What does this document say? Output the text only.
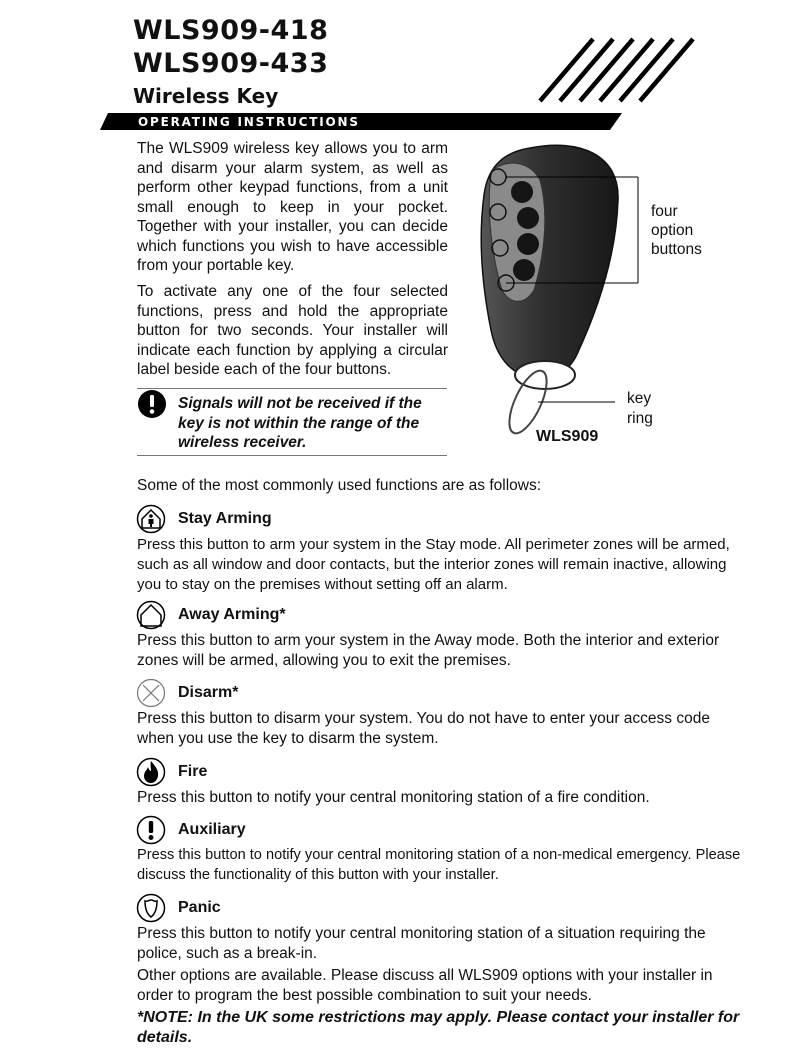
WLS909-418
WLS909-433
Wireless Key
OPERATING INSTRUCTIONS
The WLS909 wireless key allows you to arm and disarm your alarm system, as well as perform other keypad functions, from a unit small enough to keep in your pocket. Together with your installer, you can decide which functions you wish to have accessible from your portable key.
To activate any one of the four selected functions, press and hold the appropriate button for two seconds. Your installer will indicate each function by applying a circular label beside each of the four buttons.
Signals will not be received if the key is not within the range of the wireless receiver.
four
option
buttons
key
ring
WLS909
Some of the most commonly used functions are as follows:
Stay Arming
Press this button to arm your system in the Stay mode. All perimeter zones will be armed, such as all window and door contacts, but the interior zones will remain inactive, allowing you to stay on the premises without setting off an alarm.
Away Arming*
Press this button to arm your system in the Away mode. Both the interior and exterior zones will be armed, allowing you to exit the premises.
Disarm*
Press this button to disarm your system. You do not have to enter your access code when you use the key to disarm the system.
Fire
Press this button to notify your central monitoring station of a fire condition.
Auxiliary
Press this button to notify your central monitoring station of a non-medical emergency. Please discuss the functionality of this button with your installer.
Panic
Press this button to notify your central monitoring station of a situation requiring the police, such as a break-in.
Other options are available. Please discuss all WLS909 options with your installer in order to program the best possible combination to suit your needs.
*NOTE: In the UK some restrictions may apply. Please contact your installer for details.
